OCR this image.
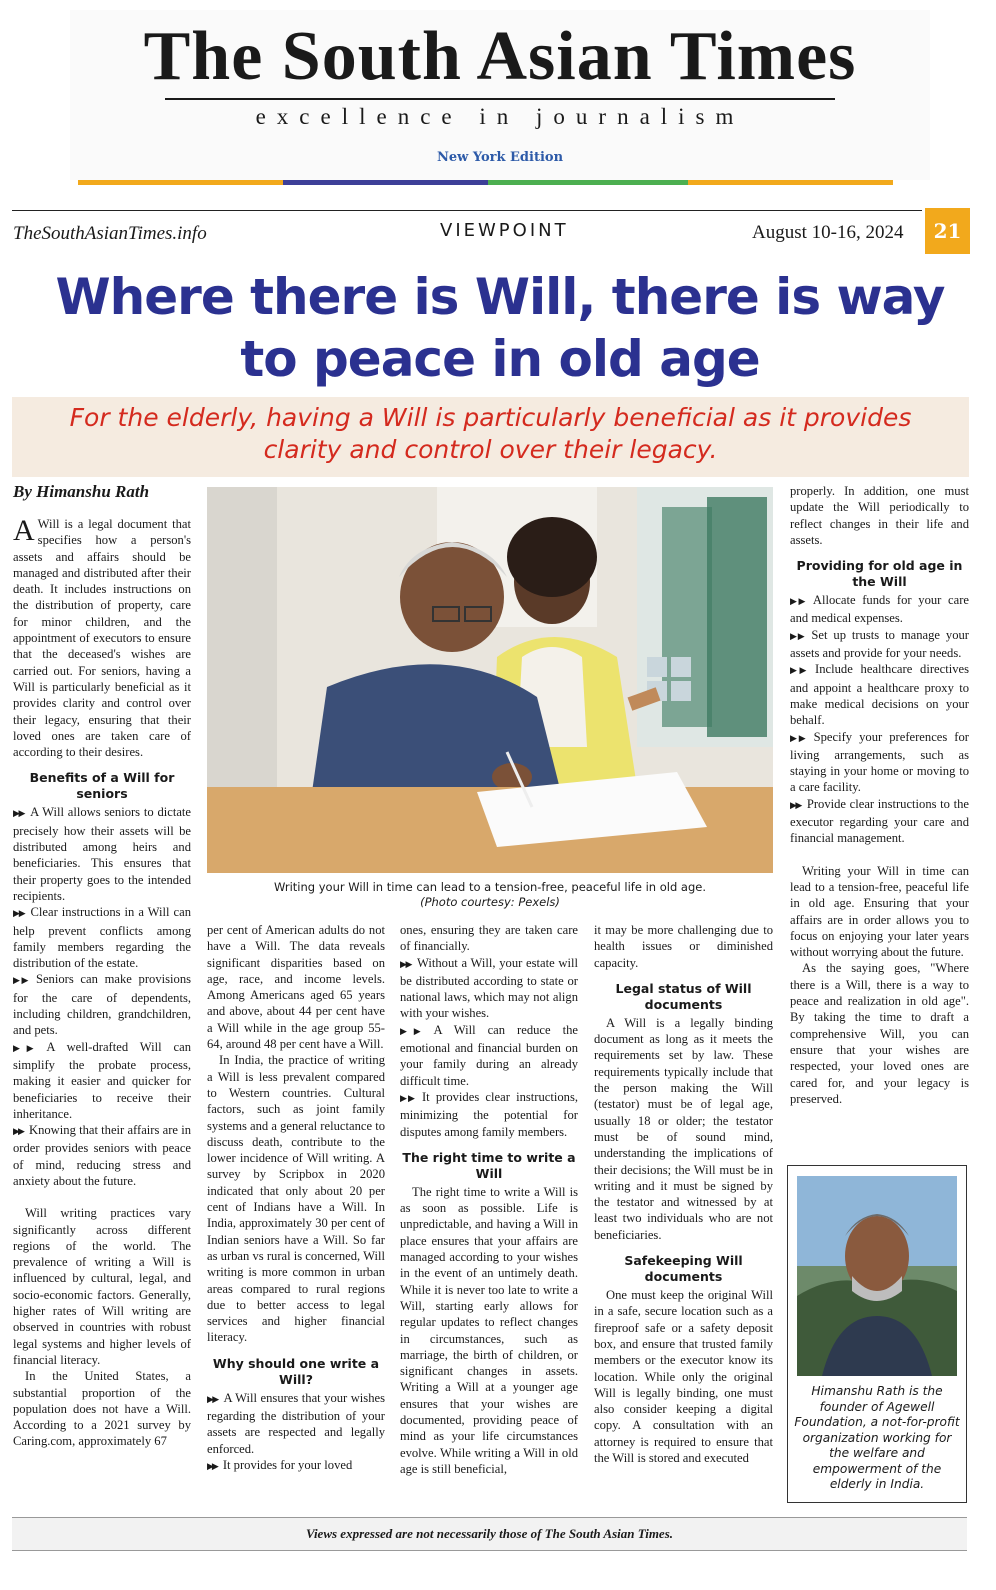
The South Asian Times
excellence in journalism
New York Edition
TheSouthAsianTimes.info	VIEWPOINT	August 10-16, 2024	21
Where there is Will, there is way to peace in old age
For the elderly, having a Will is particularly beneficial as it provides clarity and control over their legacy.
By Himanshu Rath
Writing your Will in time can lead to a tension-free, peaceful life in old age.
(Photo courtesy: Pexels)

A Will is a legal document that specifies how a person's assets and affairs should be managed and distributed after their death. It includes instructions on the distribution of property, care for minor children, and the appointment of executors to ensure that the deceased's wishes are carried out. For seniors, having a Will is particularly beneficial as it provides clarity and control over their legacy, ensuring that their loved ones are taken care of according to their desires.

Benefits of a Will for seniors

▶▶ A Will allows seniors to dictate precisely how their assets will be distributed among heirs and beneficiaries. This ensures that their property goes to the intended recipients.

▶▶ Clear instructions in a Will can help prevent conflicts among family members regarding the distribution of the estate.

▶▶ Seniors can make provisions for the care of dependents, including children, grandchildren, and pets.

▶▶ A well-drafted Will can simplify the probate process, making it easier and quicker for beneficiaries to receive their inheritance.

▶▶ Knowing that their affairs are in order provides seniors with peace of mind, reducing stress and anxiety about the future.

Will writing practices vary significantly across different regions of the world. The prevalence of writing a Will is influenced by cultural, legal, and socio-economic factors. Generally, higher rates of Will writing are observed in countries with robust legal systems and higher levels of financial literacy.

In the United States, a substantial proportion of the population does not have a Will. According to a 2021 survey by Caring.com, approximately 67

per cent of American adults do not have a Will. The data reveals significant disparities based on age, race, and income levels. Among Americans aged 65 years and above, about 44 per cent have a Will while in the age group 55-64, around 48 per cent have a Will.

In India, the practice of writing a Will is less prevalent compared to Western countries. Cultural factors, such as joint family systems and a general reluctance to discuss death, contribute to the lower incidence of Will writing. A survey by Scripbox in 2020 indicated that only about 20 per cent of Indians have a Will. In India, approximately 30 per cent of Indian seniors have a Will. So far as urban vs rural is concerned, Will writing is more common in urban areas compared to rural regions due to better access to legal services and higher financial literacy.

Why should one write a Will?

▶▶ A Will ensures that your wishes regarding the distribution of your assets are respected and legally enforced.

▶▶ It provides for your loved

ones, ensuring they are taken care of financially.

▶▶ Without a Will, your estate will be distributed according to state or national laws, which may not align with your wishes.

▶▶ A Will can reduce the emotional and financial burden on your family during an already difficult time.

▶▶ It provides clear instructions, minimizing the potential for disputes among family members.

The right time to write a Will

The right time to write a Will is as soon as possible. Life is unpredictable, and having a Will in place ensures that your affairs are managed according to your wishes in the event of an untimely death. While it is never too late to write a Will, starting early allows for regular updates to reflect changes in circumstances, such as marriage, the birth of children, or significant changes in assets. Writing a Will at a younger age ensures that your wishes are documented, providing peace of mind as your life circumstances evolve. While writing a Will in old age is still beneficial,

it may be more challenging due to health issues or diminished capacity.

Legal status of Will documents

A Will is a legally binding document as long as it meets the requirements set by law. These requirements typically include that the person making the Will (testator) must be of legal age, usually 18 or older; the testator must be of sound mind, understanding the implications of their decisions; the Will must be in writing and it must be signed by the testator and witnessed by at least two individuals who are not beneficiaries.

Safekeeping Will documents

One must keep the original Will in a safe, secure location such as a fireproof safe or a safety deposit box, and ensure that trusted family members or the executor know its location. While only the original Will is legally binding, one must also consider keeping a digital copy. A consultation with an attorney is required to ensure that the Will is stored and executed

properly. In addition, one must update the Will periodically to reflect changes in their life and assets.

Providing for old age in the Will

▶▶ Allocate funds for your care and medical expenses.

▶▶ Set up trusts to manage your assets and provide for your needs.

▶▶ Include healthcare directives and appoint a healthcare proxy to make medical decisions on your behalf.

▶▶ Specify your preferences for living arrangements, such as staying in your home or moving to a care facility.

▶▶ Provide clear instructions to the executor regarding your care and financial management.

Writing your Will in time can lead to a tension-free, peaceful life in old age. Ensuring that your affairs are in order allows you to focus on enjoying your later years without worrying about the future.

As the saying goes, "Where there is a Will, there is a way to peace and realization in old age". By taking the time to draft a comprehensive Will, you can ensure that your wishes are respected, your loved ones are cared for, and your legacy is preserved.

Himanshu Rath is the founder of Agewell Foundation, a not-for-profit organization working for the welfare and empowerment of the elderly in India.
Views expressed are not necessarily those of The South Asian Times.
